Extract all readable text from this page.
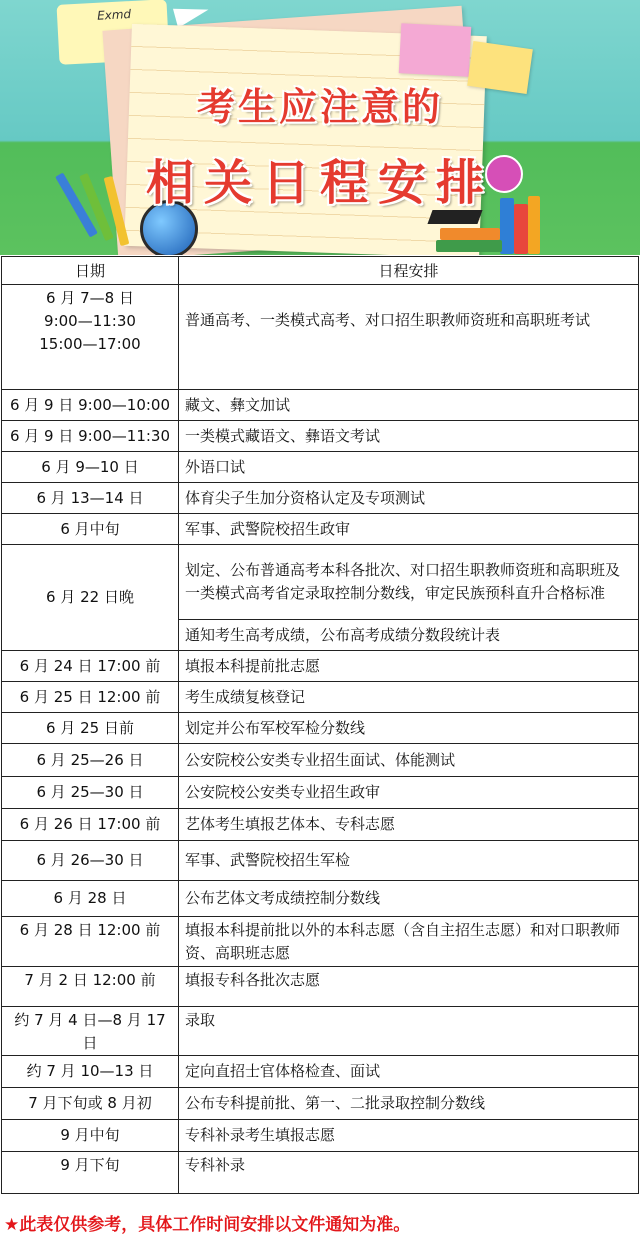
Exmd
考生应注意的
相关日程安排
日期	日程安排
6 月 7—8 日
9:00—11:30
15:00—17:00	普通高考、一类模式高考、对口招生职教师资班和高职班考试
6 月 9 日 9:00—10:00	藏文、彝文加试
6 月 9 日 9:00—11:30	一类模式藏语文、彝语文考试
6 月 9—10 日	外语口试
6 月 13—14 日	体育尖子生加分资格认定及专项测试
6 月中旬	军事、武警院校招生政审
6 月 22 日晚	划定、公布普通高考本科各批次、对口招生职教师资班和高职班及一类模式高考省定录取控制分数线，审定民族预科直升合格标准
	通知考生高考成绩，公布高考成绩分数段统计表
6 月 24 日 17:00 前	填报本科提前批志愿
6 月 25 日 12:00 前	考生成绩复核登记
6 月 25 日前	划定并公布军校军检分数线
6 月 25—26 日	公安院校公安类专业招生面试、体能测试
6 月 25—30 日	公安院校公安类专业招生政审
6 月 26 日 17:00 前	艺体考生填报艺体本、专科志愿
6 月 26—30 日	军事、武警院校招生军检
6 月 28 日	公布艺体文考成绩控制分数线
6 月 28 日 12:00 前	填报本科提前批以外的本科志愿（含自主招生志愿）和对口职教师资、高职班志愿
7 月 2 日 12:00 前	填报专科各批次志愿
约 7 月 4 日—8 月 17 日	录取
约 7 月 10—13 日	定向直招士官体格检查、面试
7 月下旬或 8 月初	公布专科提前批、第一、二批录取控制分数线
9 月中旬	专科补录考生填报志愿
9 月下旬	专科补录
★此表仅供参考，具体工作时间安排以文件通知为准。
